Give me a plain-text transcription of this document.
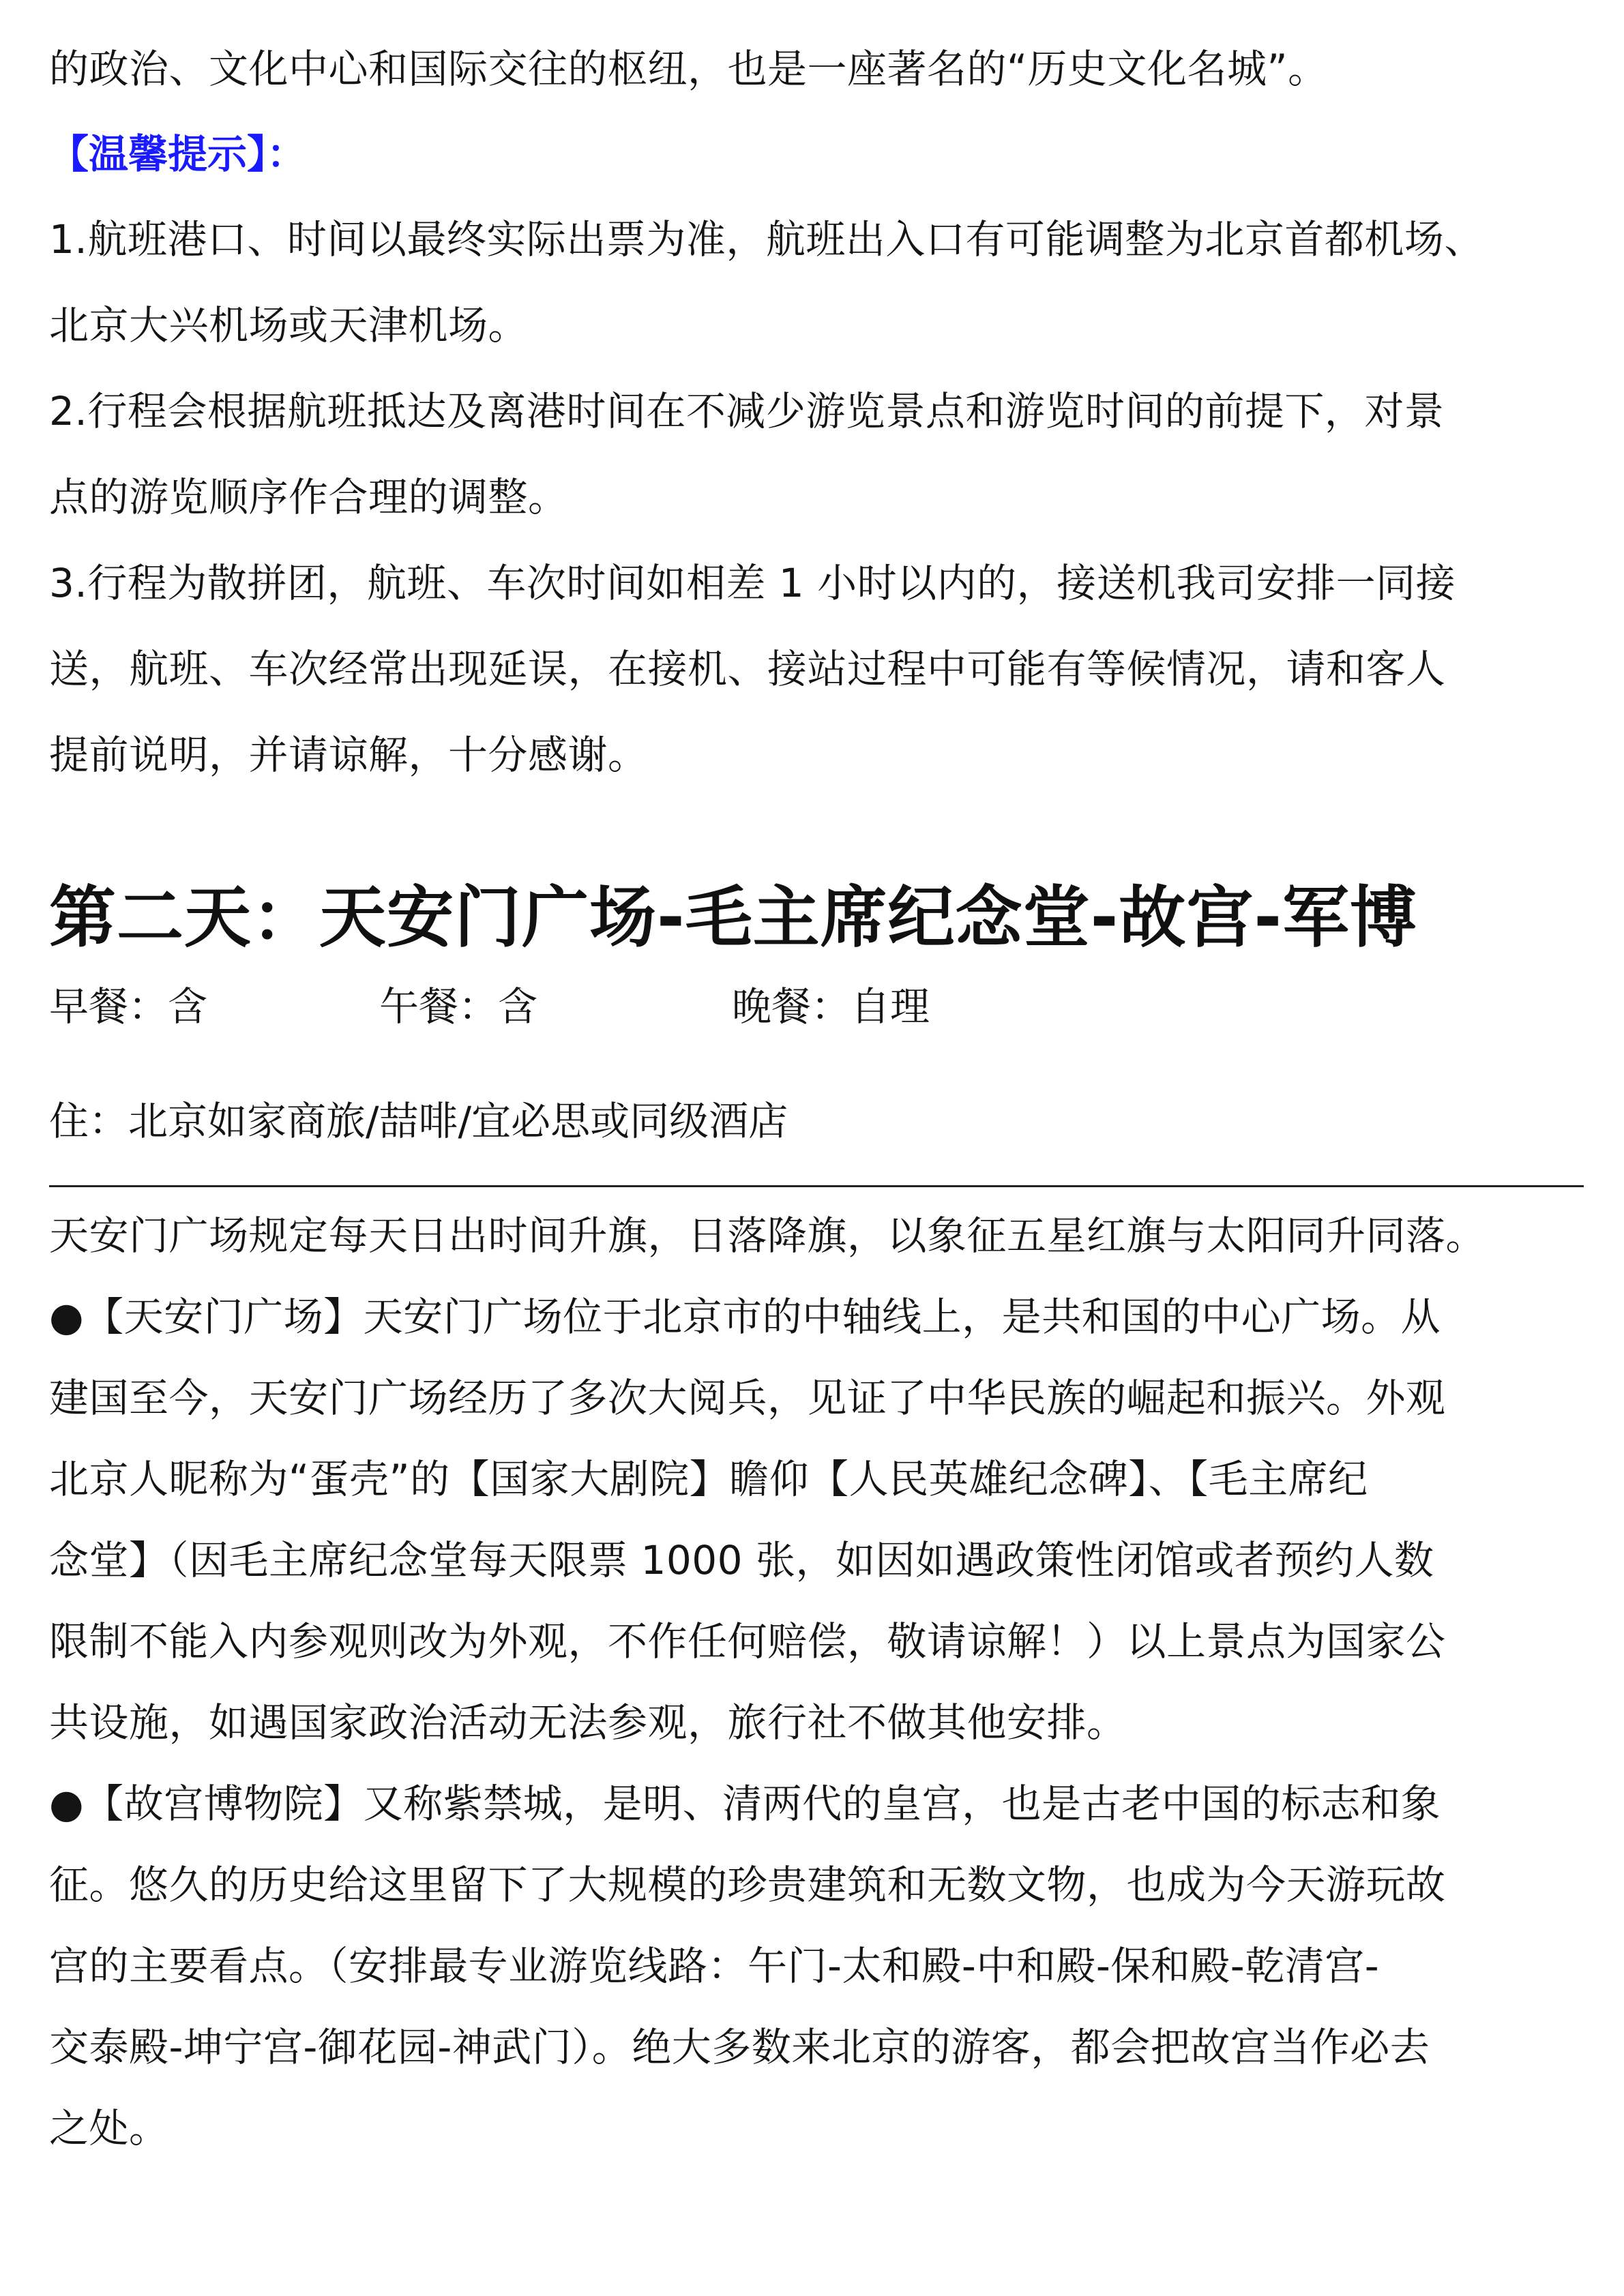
的政治、文化中心和国际交往的枢纽，也是一座著名的“历史文化名城”。

【温馨提示】：

1.航班港口、时间以最终实际出票为准，航班出入口有可能调整为北京首都机场、
北京大兴机场或天津机场。

2.行程会根据航班抵达及离港时间在不减少游览景点和游览时间的前提下，对景
点的游览顺序作合理的调整。

3.行程为散拼团，航班、车次时间如相差 1 小时以内的，接送机我司安排一同接
送，航班、车次经常出现延误，在接机、接站过程中可能有等候情况，请和客人
提前说明，并请谅解，十分感谢。

第二天：天安门广场-毛主席纪念堂-故宫-军博
早餐：含	午餐：含	晚餐：自理

住：北京如家商旅/喆啡/宜必思或同级酒店

天安门广场规定每天日出时间升旗，日落降旗，以象征五星红旗与太阳同升同落。

●【天安门广场】天安门广场位于北京市的中轴线上，是共和国的中心广场。从
建国至今，天安门广场经历了多次大阅兵，见证了中华民族的崛起和振兴。外观
北京人昵称为“蛋壳”的【国家大剧院】瞻仰【人民英雄纪念碑】、【毛主席纪
念堂】（因毛主席纪念堂每天限票 1000 张，如因如遇政策性闭馆或者预约人数
限制不能入内参观则改为外观，不作任何赔偿，敬请谅解！）以上景点为国家公
共设施，如遇国家政治活动无法参观，旅行社不做其他安排。

●【故宫博物院】又称紫禁城，是明、清两代的皇宫，也是古老中国的标志和象
征。悠久的历史给这里留下了大规模的珍贵建筑和无数文物，也成为今天游玩故
宫的主要看点。（安排最专业游览线路：午门-太和殿-中和殿-保和殿-乾清宫-
交泰殿-坤宁宫-御花园-神武门）。绝大多数来北京的游客，都会把故宫当作必去
之处。
